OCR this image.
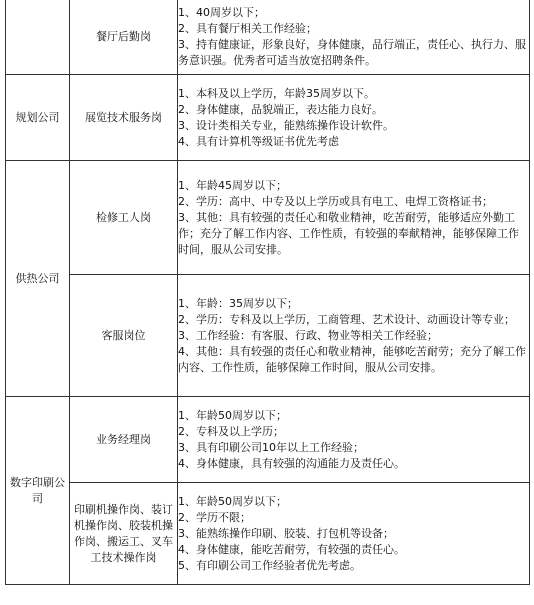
	餐厅后勤岗	1、40周岁以下；
2、具有餐厅相关工作经验；
3、持有健康证，形象良好，身体健康，品行端正，责任心、执行力、服务意识强。优秀者可适当放宽招聘条件。

规划公司	展览技术服务岗	1、本科及以上学历，年龄35周岁以下。
2、身体健康，品貌端正，表达能力良好。
3、设计类相关专业，能熟练操作设计软件。
4、具有计算机等级证书优先考虑

供热公司	检修工人岗	1、年龄45周岁以下；
2、学历：高中、中专及以上学历或具有电工、电焊工资格证书；
3、其他：具有较强的责任心和敬业精神，吃苦耐劳，能够适应外勤工作；充分了解工作内容、工作性质，有较强的奉献精神，能够保障工作时间，服从公司安排。

	客服岗位	1、年龄：35周岁以下；
2、学历：专科及以上学历，工商管理、艺术设计、动画设计等专业；
3、工作经验：有客服、行政、物业等相关工作经验；
4、其他：具有较强的责任心和敬业精神，能够吃苦耐劳；充分了解工作内容、工作性质，能够保障工作时间，服从公司安排。

数字印刷公司	业务经理岗	1、年龄50周岁以下；
2、专科及以上学历；
3、具有印刷公司10年以上工作经验；
4、身体健康，具有较强的沟通能力及责任心。

	印刷机操作岗、装订机操作岗、胶装机操作岗、搬运工、叉车工技术操作岗	1、年龄50周岁以下；
2、学历不限；
3、能熟练操作印刷、胶装、打包机等设备；
4、身体健康，能吃苦耐劳，有较强的责任心。
5、有印刷公司工作经验者优先考虑。
